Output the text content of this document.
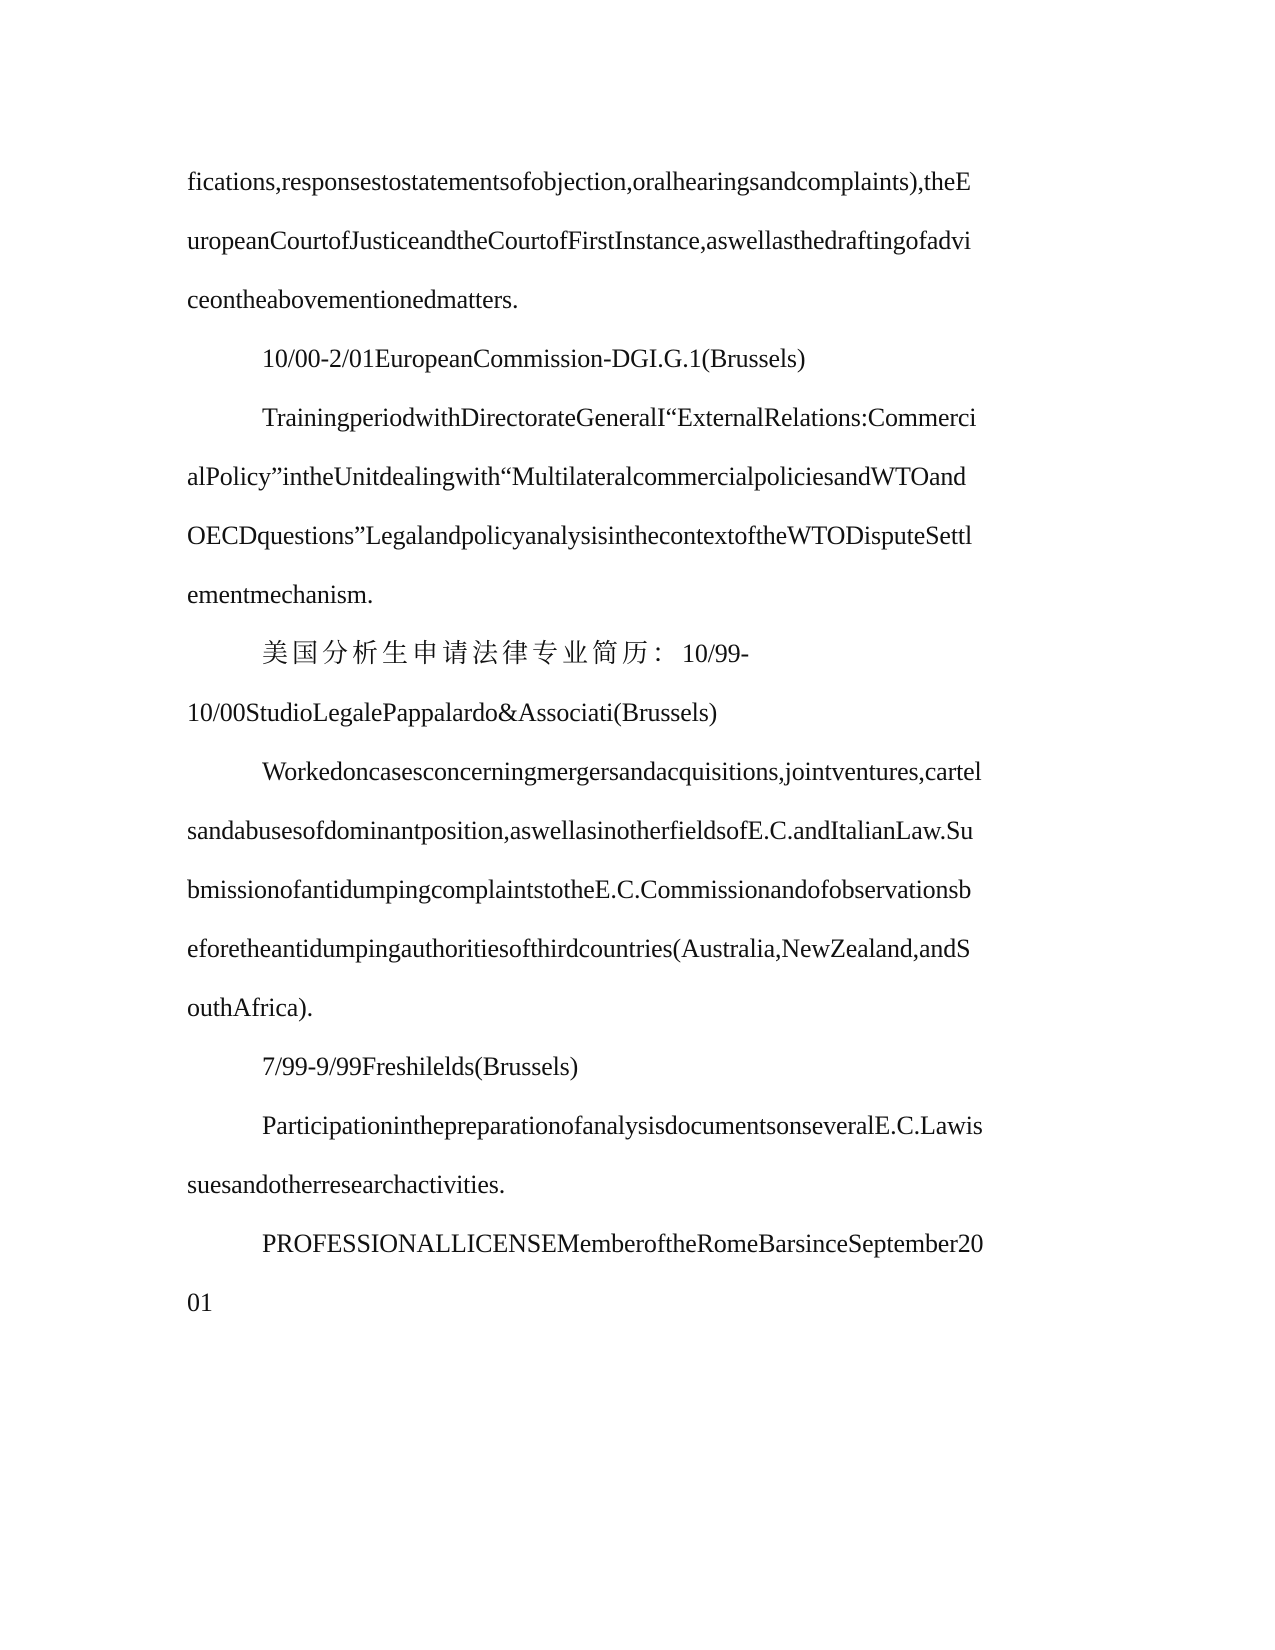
fications,responsestostatementsofobjection,oralhearingsandcomplaints),theE
uropeanCourtofJusticeandtheCourtofFirstInstance,aswellasthedraftingofadvi
ceontheabovementionedmatters.
10/00-2/01EuropeanCommission-DGI.G.1(Brussels)
TrainingperiodwithDirectorateGeneralI“ExternalRelations:Commerci
alPolicy”intheUnitdealingwith“MultilateralcommercialpoliciesandWTOand
OECDquestions”LegalandpolicyanalysisinthecontextoftheWTODisputeSettl
ementmechanism.
美国分析生申请法律专业简历：10/99-
10/00StudioLegalePappalardo&Associati(Brussels)
Workedoncasesconcerningmergersandacquisitions,jointventures,cartel
sandabusesofdominantposition,aswellasinotherfieldsofE.C.andItalianLaw.Su
bmissionofantidumpingcomplaintstotheE.C.Commissionandofobservationsb
eforetheantidumpingauthoritiesofthirdcountries(Australia,NewZealand,andS
outhAfrica).
7/99-9/99Freshilelds(Brussels)
ParticipationinthepreparationofanalysisdocumentsonseveralE.C.Lawis
suesandotherresearchactivities.
PROFESSIONALLICENSEMemberoftheRomeBarsinceSeptember20
01
